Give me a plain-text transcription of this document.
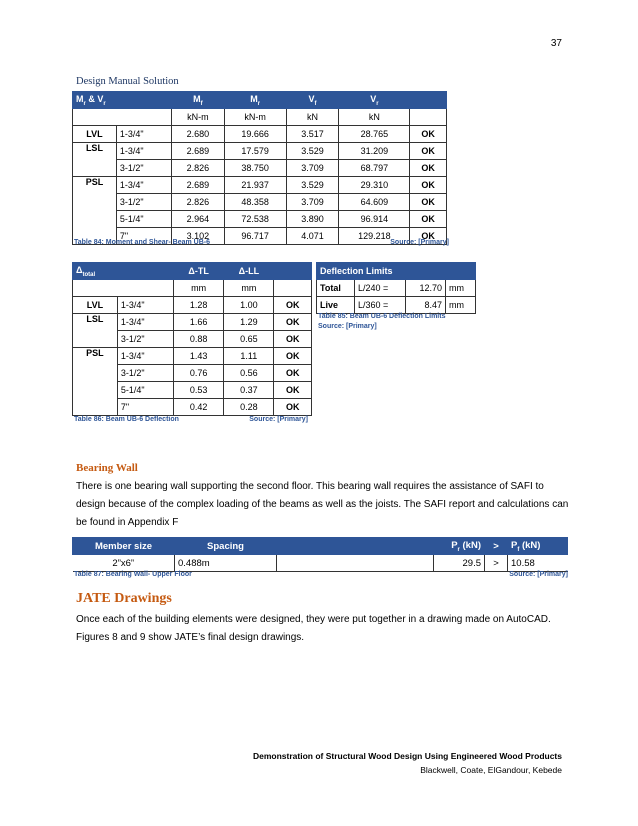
37
Design Manual Solution
$M_r$ & $V_r$		$M_f$	$M_r$	$V_f$	$V_r$	
		kN-m	kN-m	kN	kN	
LVL	1-3/4"	2.680	19.666	3.517	28.765	OK
LSL	1-3/4"	2.689	17.579	3.529	31.209	OK
	3-1/2"	2.826	38.750	3.709	68.797	OK
PSL	1-3/4"	2.689	21.937	3.529	29.310	OK
	3-1/2"	2.826	48.358	3.709	64.609	OK
	5-1/4"	2.964	72.538	3.890	96.914	OK
	7"	3.102	96.717	4.071	129.218	OK
Table 84: Moment and Shear- Beam UB-6	Source: [Primary]
$\Delta_{total}$		Δ-TL	Δ-LL	
		mm	mm	
LVL	1-3/4"	1.28	1.00	OK
LSL	1-3/4"	1.66	1.29	OK
	3-1/2"	0.88	0.65	OK
PSL	1-3/4"	1.43	1.11	OK
	3-1/2"	0.76	0.56	OK
	5-1/4"	0.53	0.37	OK
	7"	0.42	0.28	OK
Table 86: Beam UB-6 Deflection	Source: [Primary]
Deflection Limits			
Total	L/240 =	12.70	mm
Live	L/360 =	8.47	mm
Table 85: Beam UB-6 Deflection Limits
Source: [Primary]
Bearing Wall
There is one bearing wall supporting the second floor. This bearing wall requires the assistance of SAFI to design because of the complex loading of the beams as well as the joists. The SAFI report and calculations can be found in Appendix F
Member size	Spacing		$P_r$ (kN)	>	$P_f$ (kN)
2”x6”	0.488m		29.5	>	10.58
Table 87: Bearing Wall- Upper Floor	Source: [Primary]
JATE Drawings
Once each of the building elements were designed, they were put together in a drawing made on AutoCAD. Figures 8 and 9 show JATE’s final design drawings.
Demonstration of Structural Wood Design Using Engineered Wood Products
Blackwell, Coate, ElGandour, Kebede
